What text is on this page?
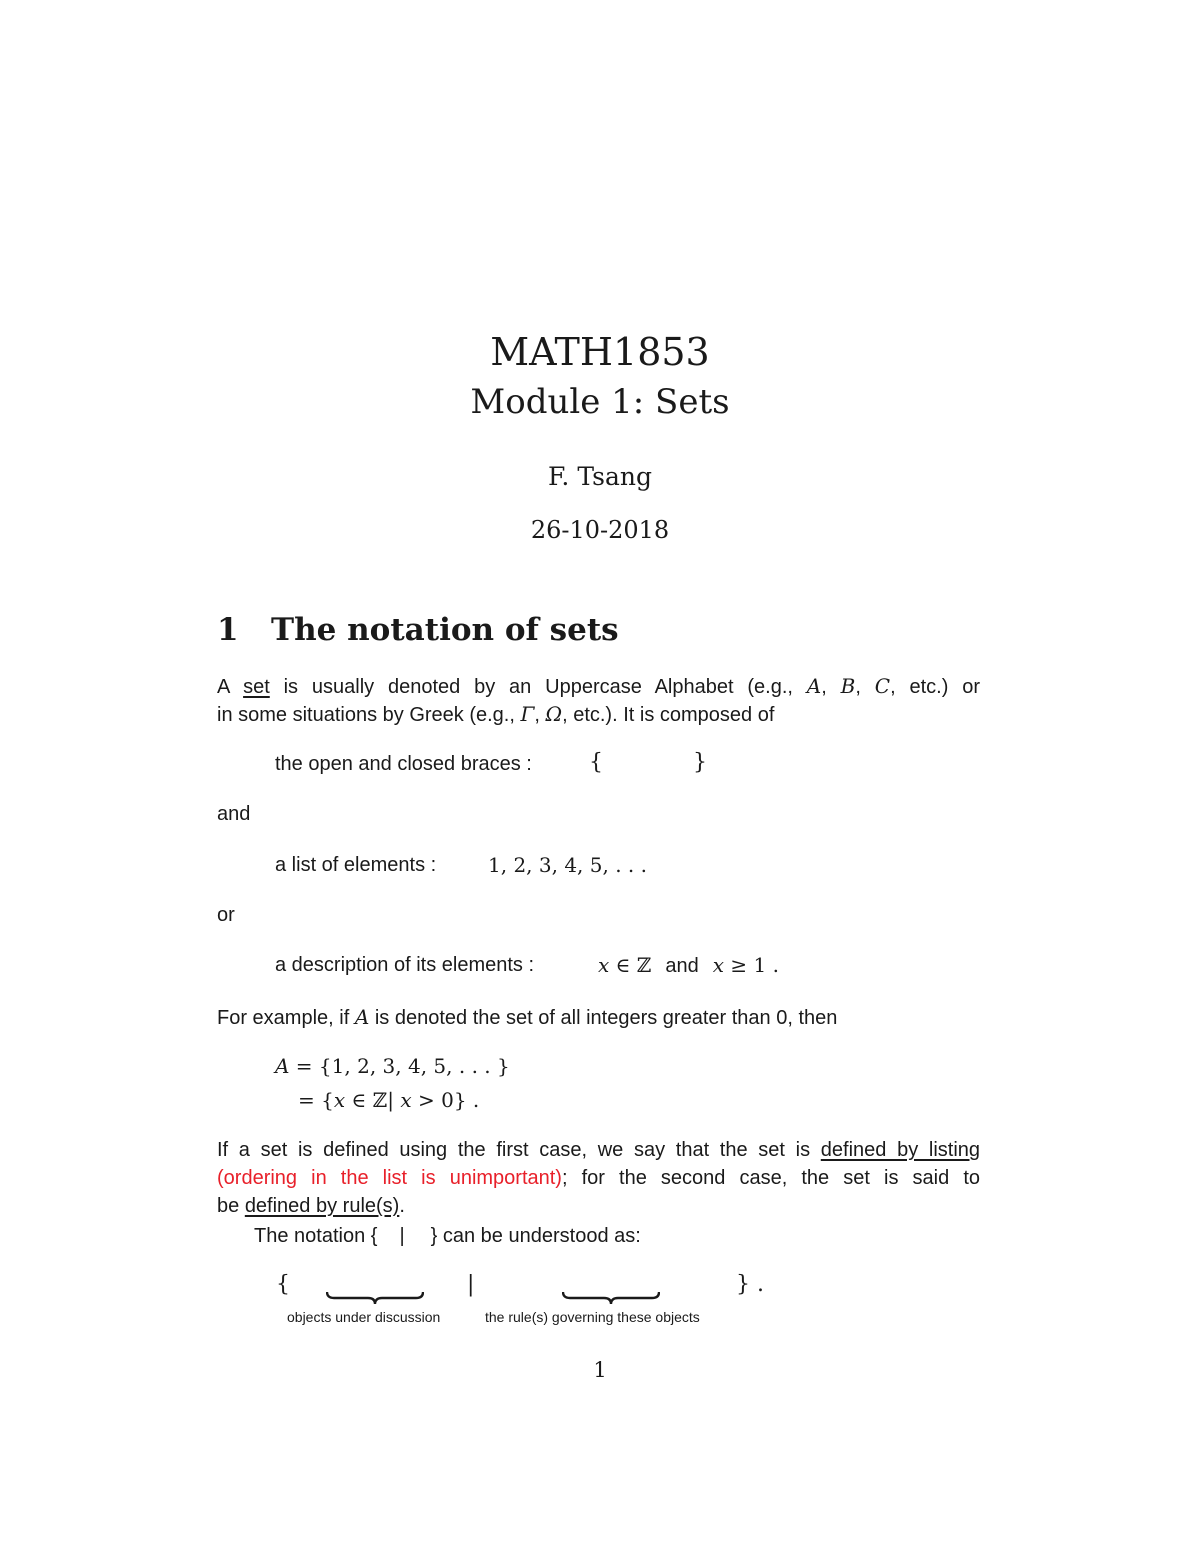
MATH1853
Module 1: Sets
F. Tsang
26-10-2018
1 The notation of sets
A set is usually denoted by an Uppercase Alphabet (e.g., A, B, C, etc.) or
in some situations by Greek (e.g., Γ, Ω, etc.). It is composed of
the open and closed braces :	{	}
and
a list of elements :	1, 2, 3, 4, 5, . . .
or
a description of its elements :	x ∈ ℤ and x ≥ 1 .
For example, if A is denoted the set of all integers greater than 0, then
A = {1, 2, 3, 4, 5, . . . }
= {x ∈ ℤ| x > 0} .
If a set is defined using the first case, we say that the set is defined by listing
(ordering in the list is unimportant); for the second case, the set is said to
be defined by rule(s).
The notation { | } can be understood as:
{	|	} .
objects under discussion	the rule(s) governing these objects
1
